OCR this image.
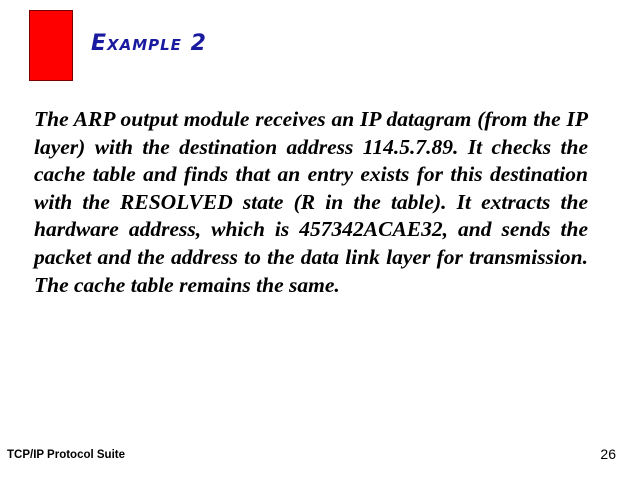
Example 2
The ARP output module receives an IP datagram (from the IP layer) with the destination address 114.5.7.89. It checks the cache table and finds that an entry exists for this destination with the RESOLVED state (R in the table). It extracts the hardware address, which is 457342ACAE32, and sends the packet and the address to the data link layer for transmission. The cache table remains the same.
TCP/IP Protocol Suite	26
